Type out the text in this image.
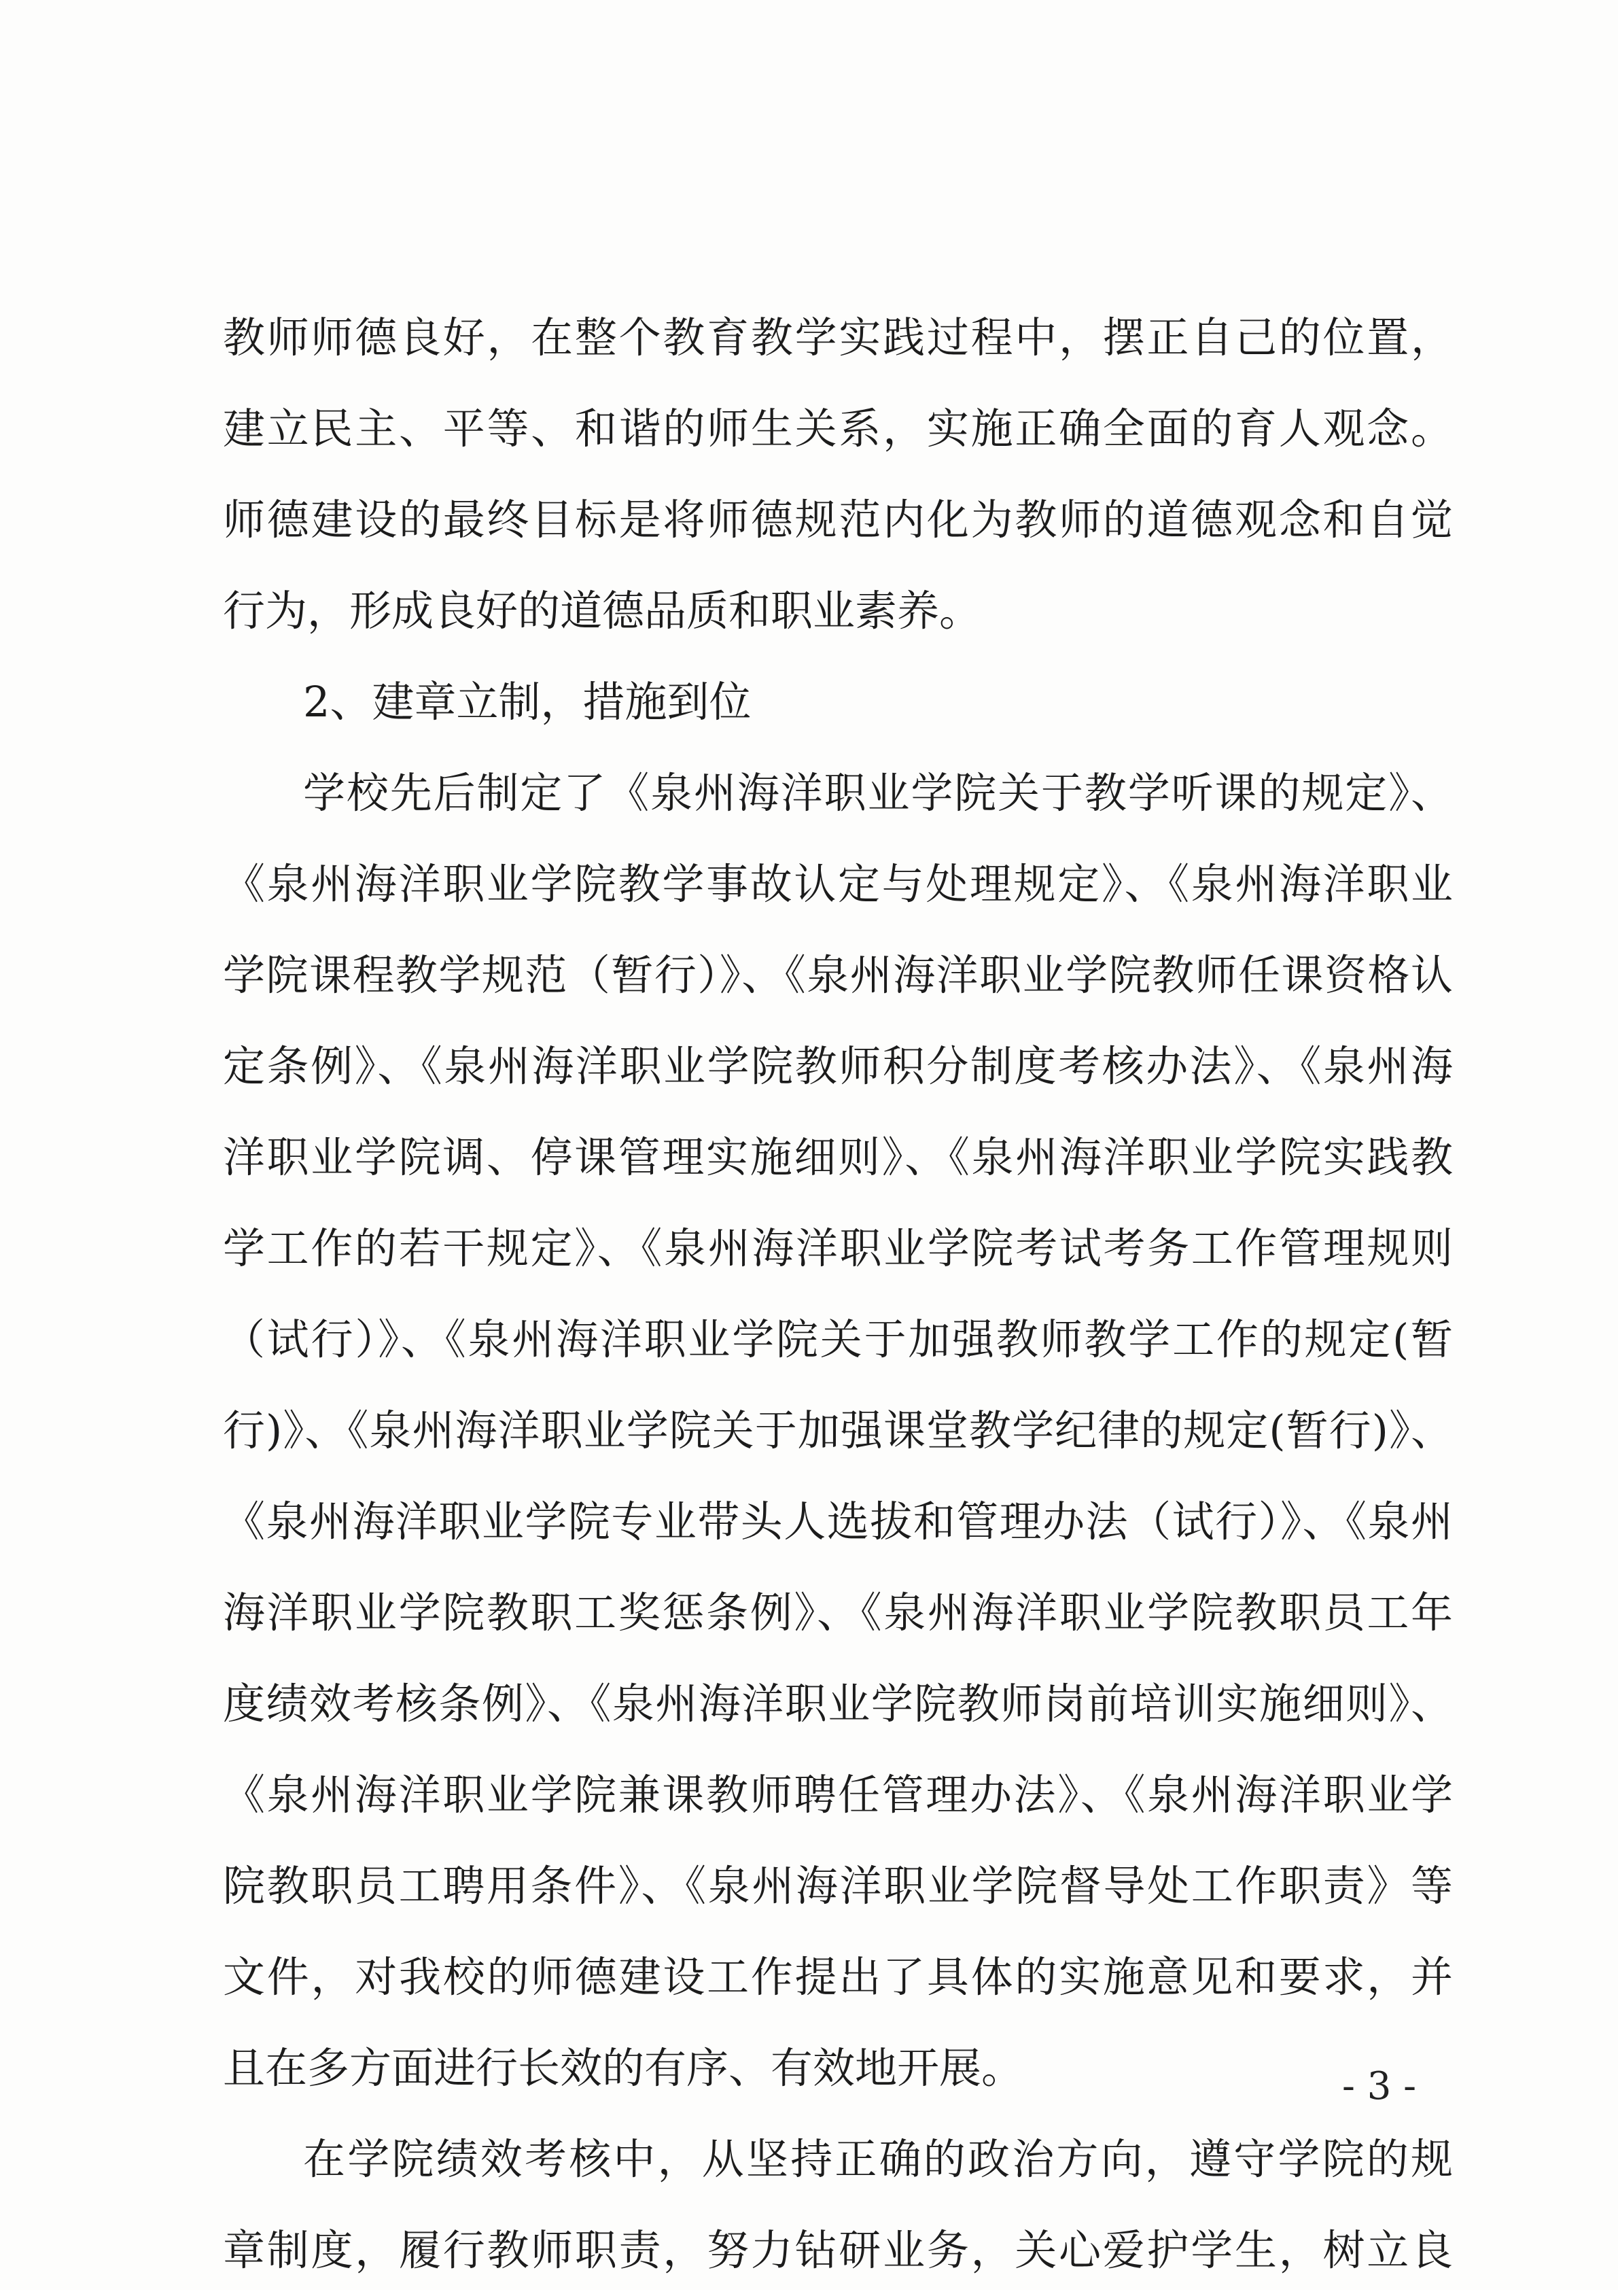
教师师德良好，在整个教育教学实践过程中，摆正自己的位置，
建立民主、平等、和谐的师生关系，实施正确全面的育人观念。
师德建设的最终目标是将师德规范内化为教师的道德观念和自觉
行为，形成良好的道德品质和职业素养。
2、建章立制，措施到位
学校先后制定了《泉州海洋职业学院关于教学听课的规定》、
《泉州海洋职业学院教学事故认定与处理规定》、《泉州海洋职业
学院课程教学规范（暂行）》、《泉州海洋职业学院教师任课资格认
定条例》、《泉州海洋职业学院教师积分制度考核办法》、《泉州海
洋职业学院调、停课管理实施细则》、《泉州海洋职业学院实践教
学工作的若干规定》、《泉州海洋职业学院考试考务工作管理规则
（试行）》、《泉州海洋职业学院关于加强教师教学工作的规定(暂
行)》、《泉州海洋职业学院关于加强课堂教学纪律的规定(暂行)》、
《泉州海洋职业学院专业带头人选拔和管理办法（试行）》、《泉州
海洋职业学院教职工奖惩条例》、《泉州海洋职业学院教职员工年
度绩效考核条例》、《泉州海洋职业学院教师岗前培训实施细则》、
《泉州海洋职业学院兼课教师聘任管理办法》、《泉州海洋职业学
院教职员工聘用条件》、《泉州海洋职业学院督导处工作职责》等
文件，对我校的师德建设工作提出了具体的实施意见和要求，并
且在多方面进行长效的有序、有效地开展。
在学院绩效考核中，从坚持正确的政治方向，遵守学院的规
章制度，履行教师职责，努力钻研业务，关心爱护学生，树立良
- 3 -
